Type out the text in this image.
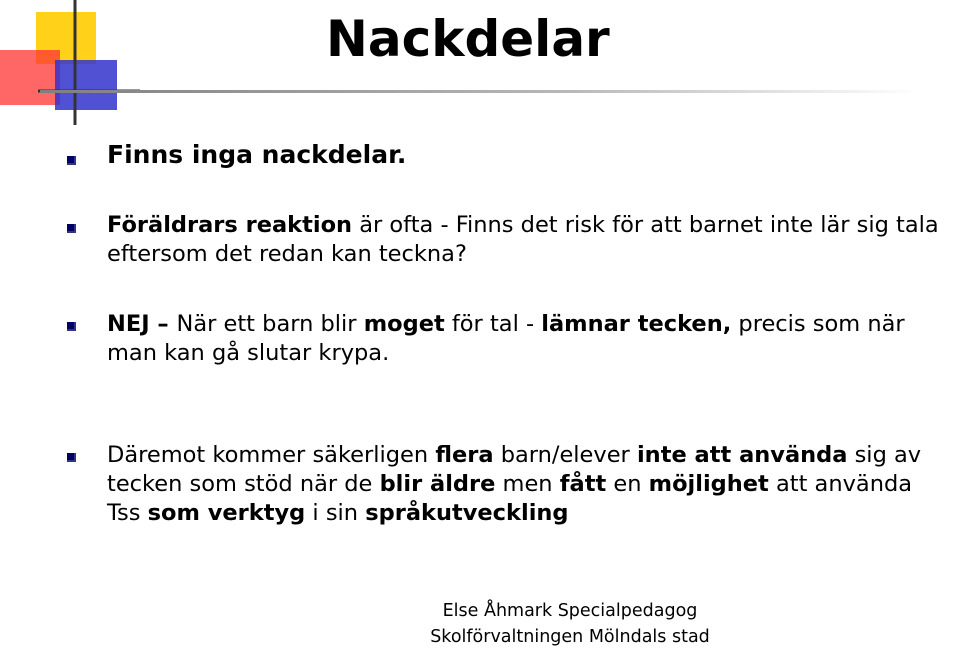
Nackdelar
Finns inga nackdelar.
Föräldrars reaktion är ofta - Finns det risk för att barnet inte lär sig tala eftersom det redan kan teckna?
NEJ – När ett barn blir moget för tal - lämnar tecken, precis som när man kan gå slutar krypa.
Däremot kommer säkerligen flera barn/elever inte att använda sig av tecken som stöd när de blir äldre men fått en möjlighet att använda Tss som verktyg i sin språkutveckling
Else Åhmark Specialpedagog
Skolförvaltningen Mölndals stad
